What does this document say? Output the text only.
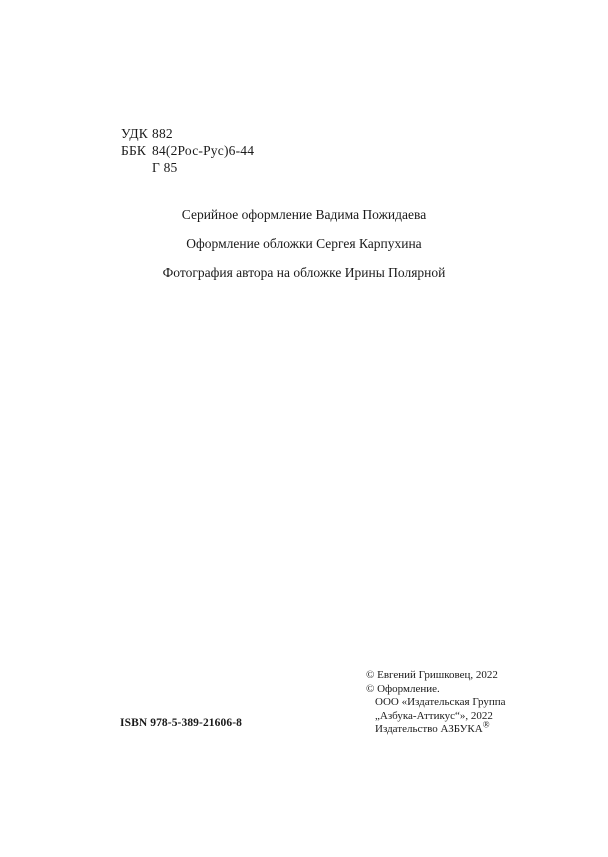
УДК 882
ББК 84(2Рос-Рус)6-44
Г 85
Серийное оформление Вадима Пожидаева
Оформление обложки Сергея Карпухина
Фотография автора на обложке Ирины Полярной
ISBN 978-5-389-21606-8
© Евгений Гришковец, 2022
© Оформление.
ООО «Издательская Группа
„Азбука-Аттикус“», 2022
Издательство АЗБУКА®
